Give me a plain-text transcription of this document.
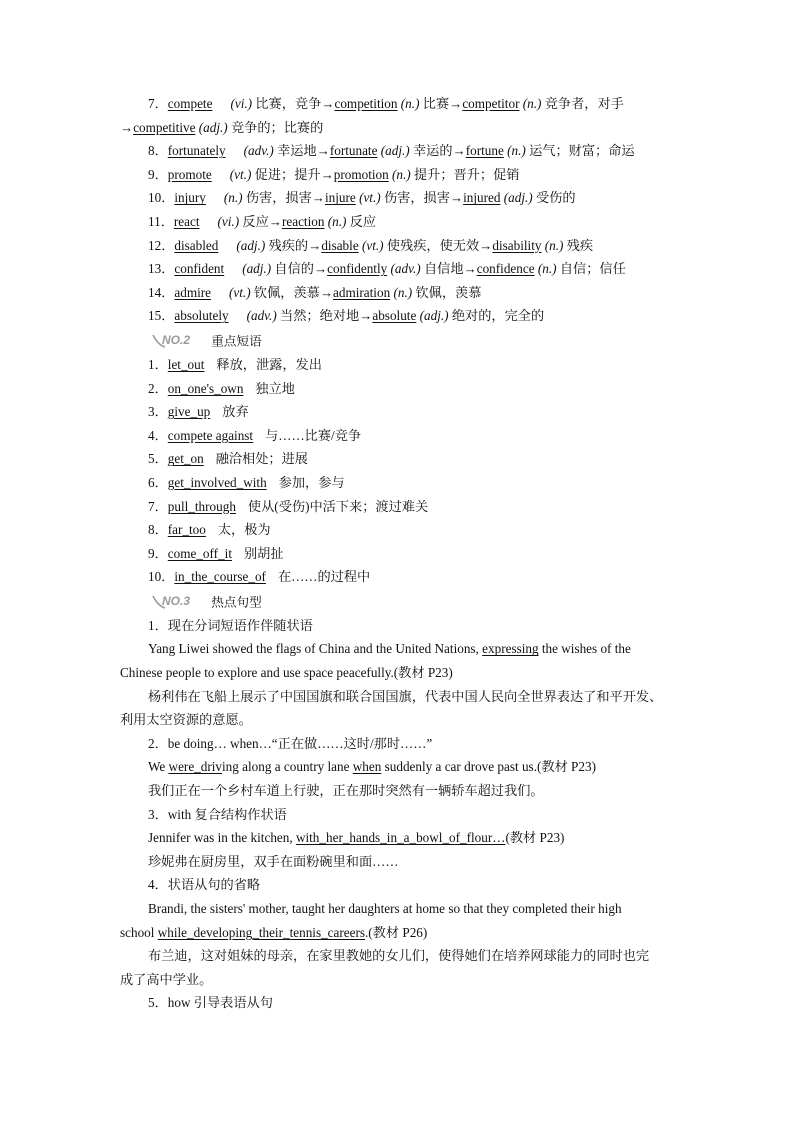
7．compete (vi.) 比赛，竞争→competition (n.) 比赛→competitor (n.) 竞争者，对手
→competitive (adj.) 竞争的；比赛的
8．fortunately (adv.) 幸运地→fortunate (adj.) 幸运的→fortune (n.) 运气；财富；命运
9．promote (vt.) 促进；提升→promotion (n.) 提升；晋升；促销
10．injury (n.) 伤害，损害→injure (vt.) 伤害，损害→injured (adj.) 受伤的
11．react (vi.) 反应→reaction (n.) 反应
12．disabled (adj.) 残疾的→disable (vt.) 使残疾，使无效→disability (n.) 残疾
13．confident (adj.) 自信的→confidently (adv.) 自信地→confidence (n.) 自信；信任
14．admire (vt.) 钦佩，羡慕→admiration (n.) 钦佩，羡慕
15．absolutely (adv.) 当然；绝对地→absolute (adj.) 绝对的，完全的
NO.2 重点短语
1．let_out 释放，泄露，发出
2．on_one's_own 独立地
3．give_up 放弃
4．compete against 与……比赛/竞争
5．get_on 融洽相处；进展
6．get_involved_with 参加，参与
7．pull_through 使从(受伤)中活下来；渡过难关
8．far_too 太，极为
9．come_off_it 别胡扯
10．in_the_course_of 在……的过程中
NO.3 热点句型
1．现在分词短语作伴随状语
Yang Liwei showed the flags of China and the United Nations, expressing the wishes of the
Chinese people to explore and use space peacefully.(教材 P23)
杨利伟在飞船上展示了中国国旗和联合国国旗，代表中国人民向全世界表达了和平开发、
利用太空资源的意愿。
2．be doing… when…“正在做……这时/那时……”
We were_driving along a country lane when suddenly a car drove past us.(教材 P23)
我们正在一个乡村车道上行驶，正在那时突然有一辆轿车超过我们。
3．with 复合结构作状语
Jennifer was in the kitchen, with_her_hands_in_a_bowl_of_flour…(教材 P23)
珍妮弗在厨房里，双手在面粉碗里和面……
4．状语从句的省略
Brandi, the sisters' mother, taught her daughters at home so that they completed their high
school while_developing_their_tennis_careers.(教材 P26)
布兰迪，这对姐妹的母亲，在家里教她的女儿们，使得她们在培养网球能力的同时也完
成了高中学业。
5．how 引导表语从句
